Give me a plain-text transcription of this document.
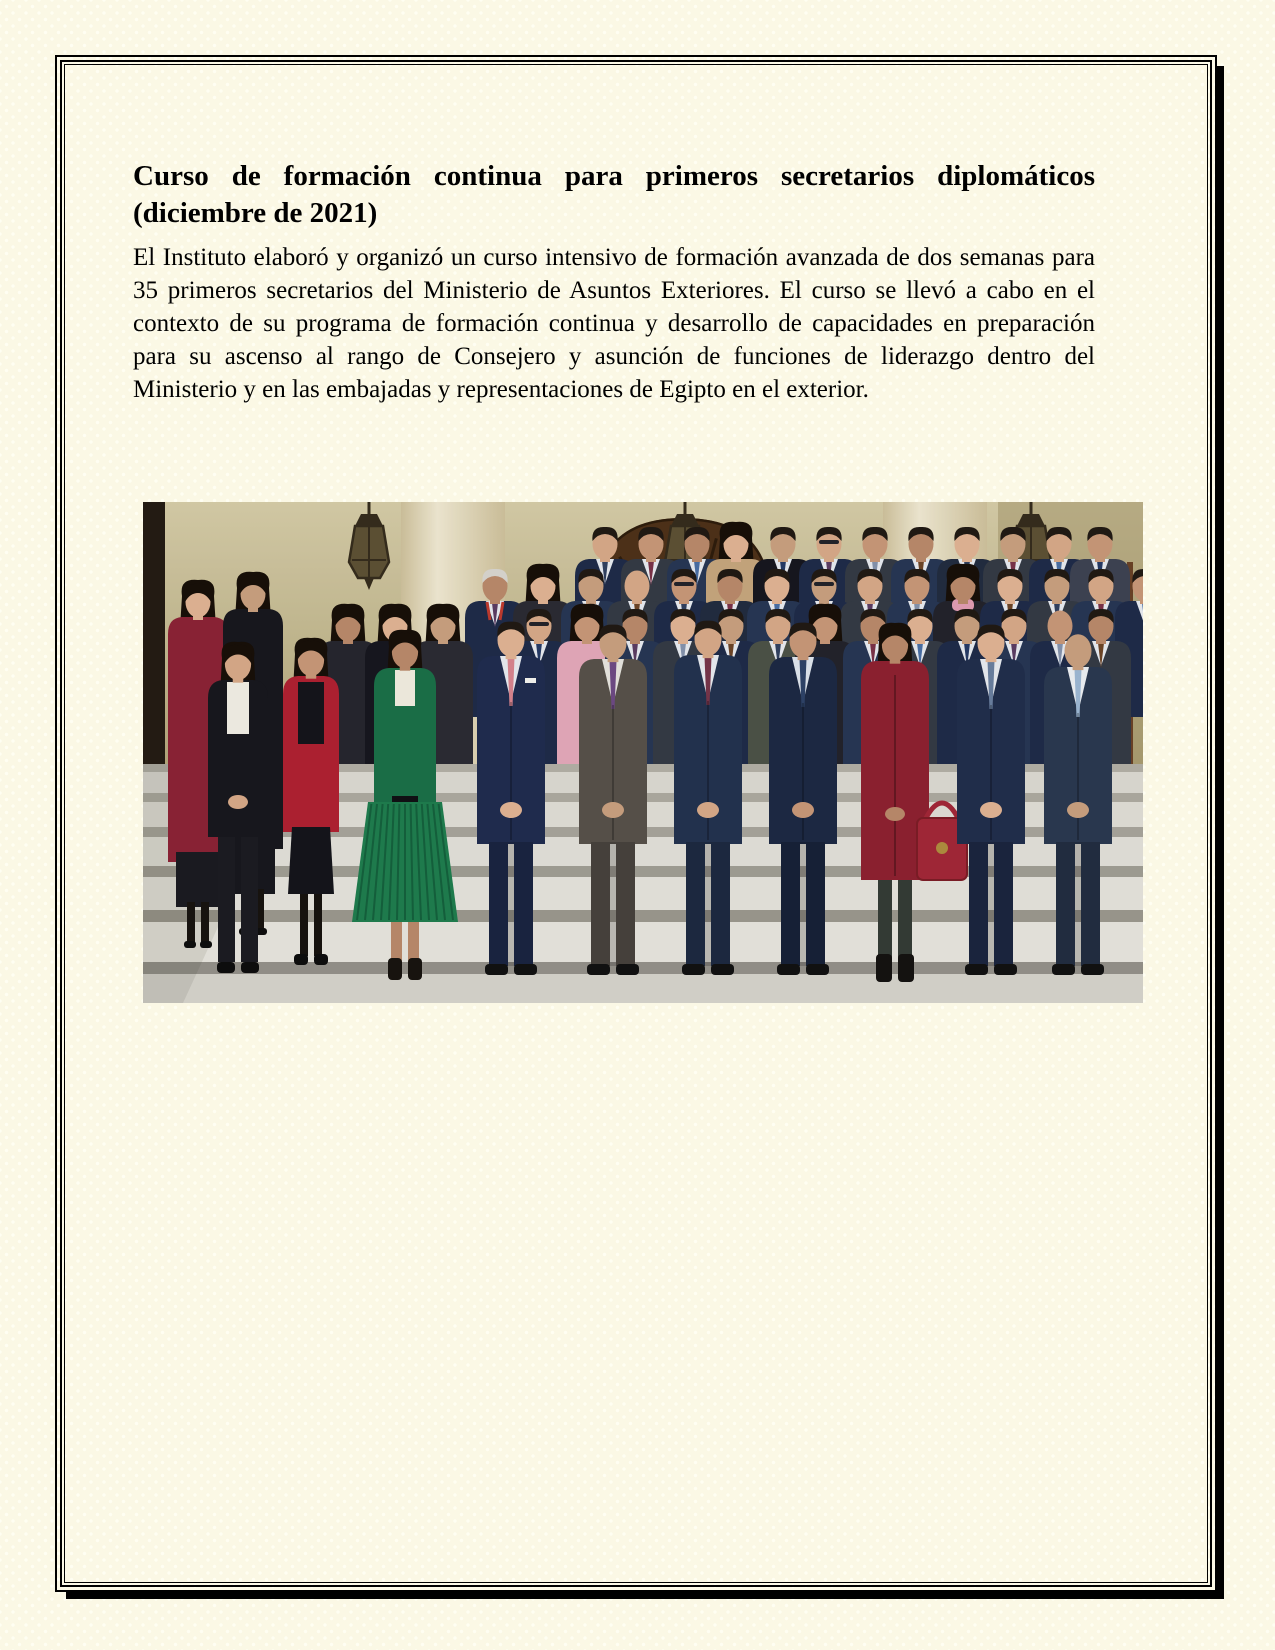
Curso de formación continua para primeros secretarios diplomáticos
(diciembre de 2021)

El Instituto elaboró y organizó un curso intensivo de formación avanzada de dos semanas para 35 primeros secretarios del Ministerio de Asuntos Exteriores. El curso se llevó a cabo en el contexto de su programa de formación continua y desarrollo de capacidades en preparación para su ascenso al rango de Consejero y asunción de funciones de liderazgo dentro del Ministerio y en las embajadas y representaciones de Egipto en el exterior.
